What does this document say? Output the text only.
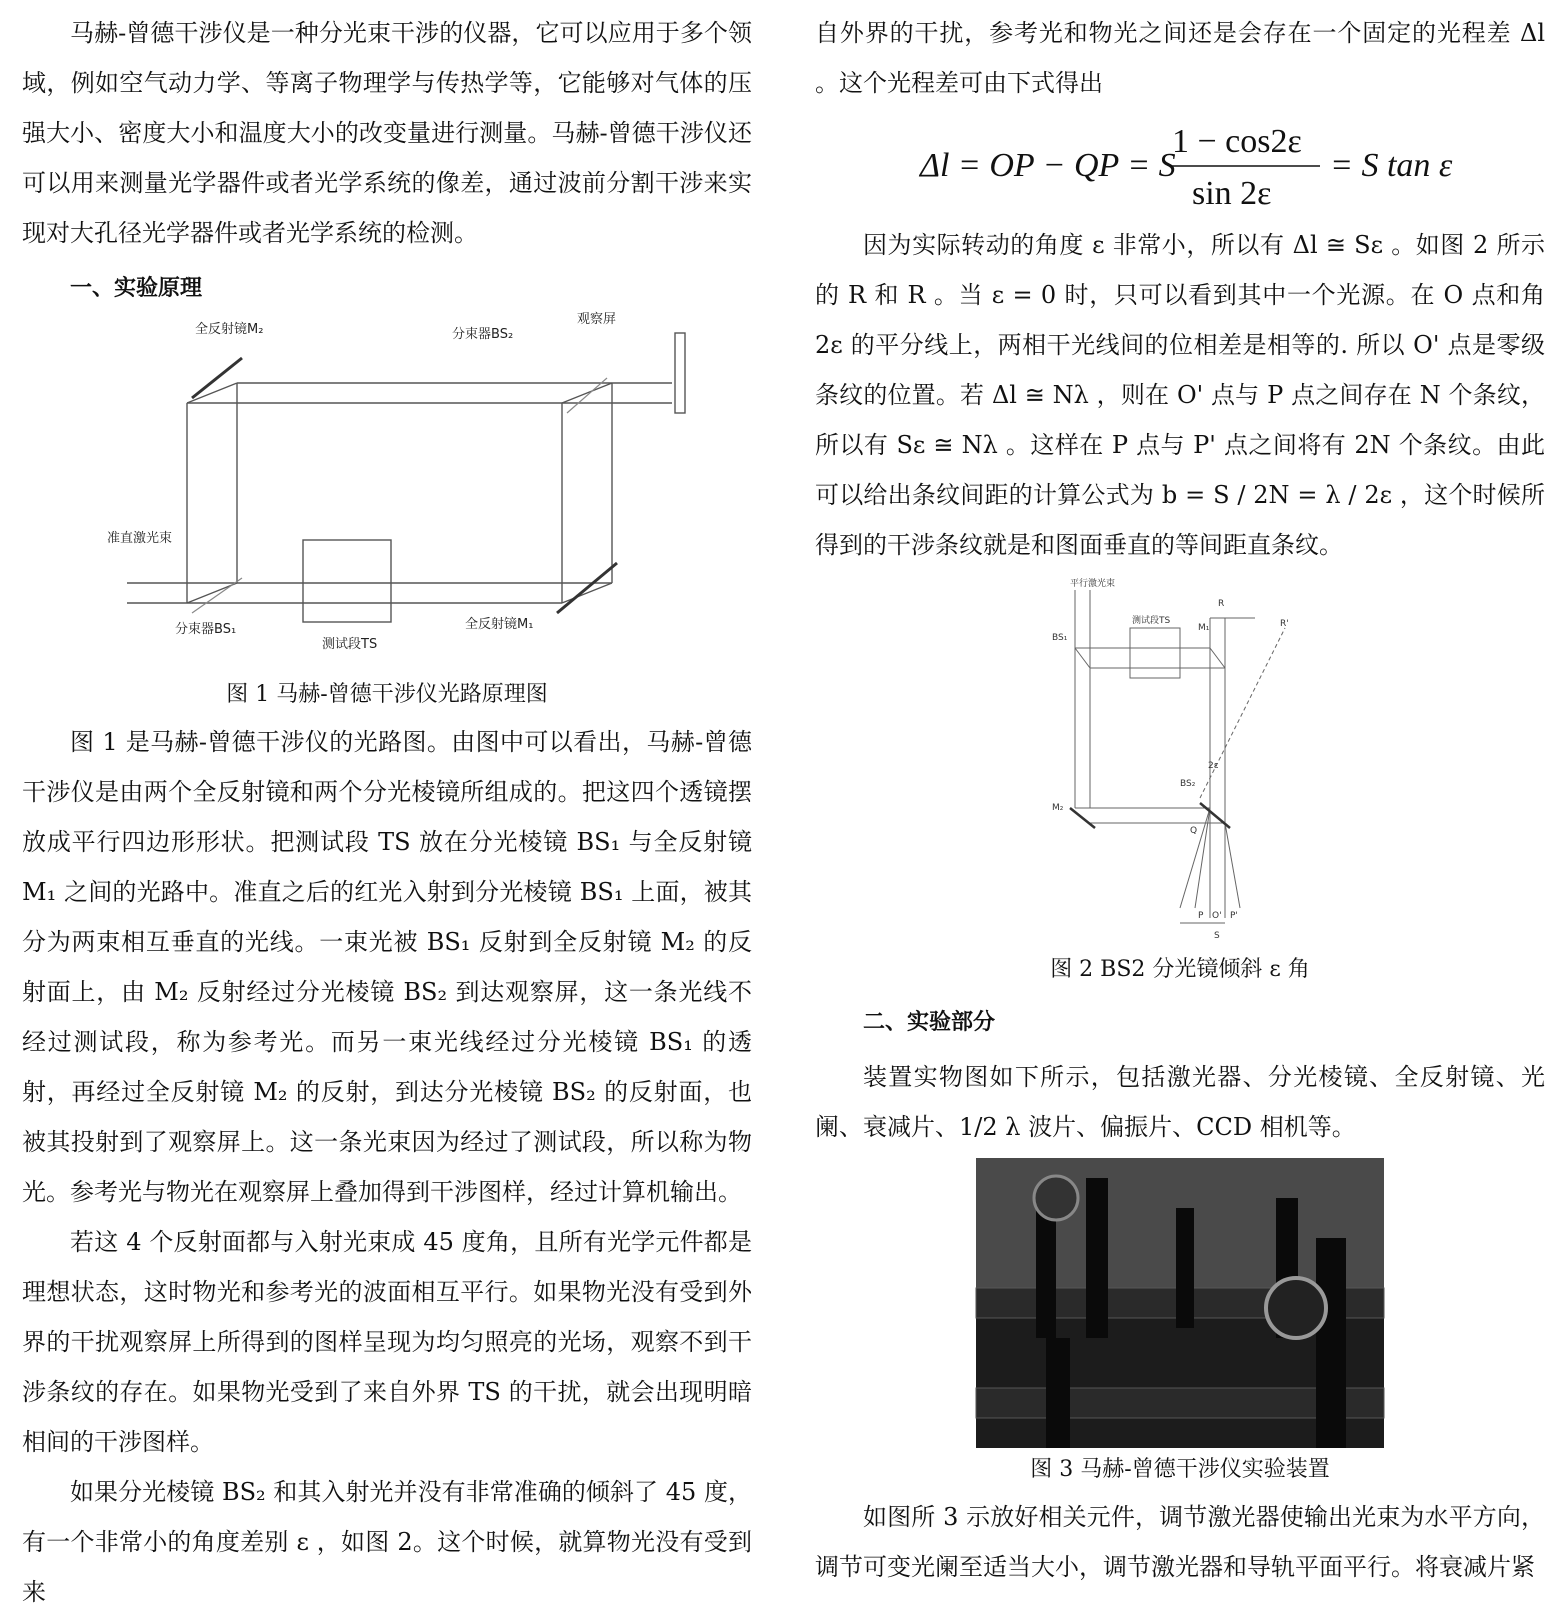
马赫-曾德干涉仪是一种分光束干涉的仪器，它可以应用于多个领域，例如空气动力学、等离子物理学与传热学等，它能够对气体的压强大小、密度大小和温度大小的改变量进行测量。马赫-曾德干涉仪还可以用来测量光学器件或者光学系统的像差，通过波前分割干涉来实现对大孔径光学器件或者光学系统的检测。

一、实验原理
全反射镜M₂	分束器BS₂
观察屏
准直激光束
分束器BS₁
测试段TS
全反射镜M₁
图 1 马赫-曾德干涉仪光路原理图

图 1 是马赫-曾德干涉仪的光路图。由图中可以看出，马赫-曾德干涉仪是由两个全反射镜和两个分光棱镜所组成的。把这四个透镜摆放成平行四边形形状。把测试段 TS 放在分光棱镜 BS₁ 与全反射镜 M₁ 之间的光路中。准直之后的红光入射到分光棱镜 BS₁ 上面，被其分为两束相互垂直的光线。一束光被 BS₁ 反射到全反射镜 M₂ 的反射面上，由 M₂ 反射经过分光棱镜 BS₂ 到达观察屏，这一条光线不经过测试段，称为参考光。而另一束光线经过分光棱镜 BS₁ 的透射，再经过全反射镜 M₂ 的反射，到达分光棱镜 BS₂ 的反射面，也被其投射到了观察屏上。这一条光束因为经过了测试段，所以称为物光。参考光与物光在观察屏上叠加得到干涉图样，经过计算机输出。

若这 4 个反射面都与入射光束成 45 度角，且所有光学元件都是理想状态，这时物光和参考光的波面相互平行。如果物光没有受到外界的干扰观察屏上所得到的图样呈现为均匀照亮的光场，观察不到干涉条纹的存在。如果物光受到了来自外界 TS 的干扰，就会出现明暗相间的干涉图样。

如果分光棱镜 BS₂ 和其入射光并没有非常准确的倾斜了 45 度，有一个非常小的角度差别 ε ，如图 2。这个时候，就算物光没有受到来

自外界的干扰，参考光和物光之间还是会存在一个固定的光程差 Δl 。这个光程差可由下式得出

Δl = OP − QP = S
1 − cos2ε
sin 2ε
= S tan ε

因为实际转动的角度 ε 非常小，所以有 Δl ≅ Sε 。如图 2 所示的 R 和 R 。当 ε = 0 时，只可以看到其中一个光源。在 O 点和角 2ε 的平分线上，两相干光线间的位相差是相等的. 所以 O' 点是零级条纹的位置。若 Δl ≅ Nλ ，则在 O' 点与 P 点之间存在 N 个条纹，所以有 Sε ≅ Nλ 。这样在 P 点与 P' 点之间将有 2N 个条纹。由此可以给出条纹间距的计算公式为 b = S / 2N = λ / 2ε ，这个时候所得到的干涉条纹就是和图面垂直的等间距直条纹。

平行激光束
测试段TS
BS₁
M₁
R
R'
BS₂
M₂
2ε
Q
P O' P'
S
图 2 BS2 分光镜倾斜 ε 角
二、实验部分

装置实物图如下所示，包括激光器、分光棱镜、全反射镜、光阑、衰减片、1/2 λ 波片、偏振片、CCD 相机等。

图 3 马赫-曾德干涉仪实验装置

如图所 3 示放好相关元件，调节激光器使输出光束为水平方向，调节可变光阑至适当大小，调节激光器和导轨平面平行。将衰减片紧
